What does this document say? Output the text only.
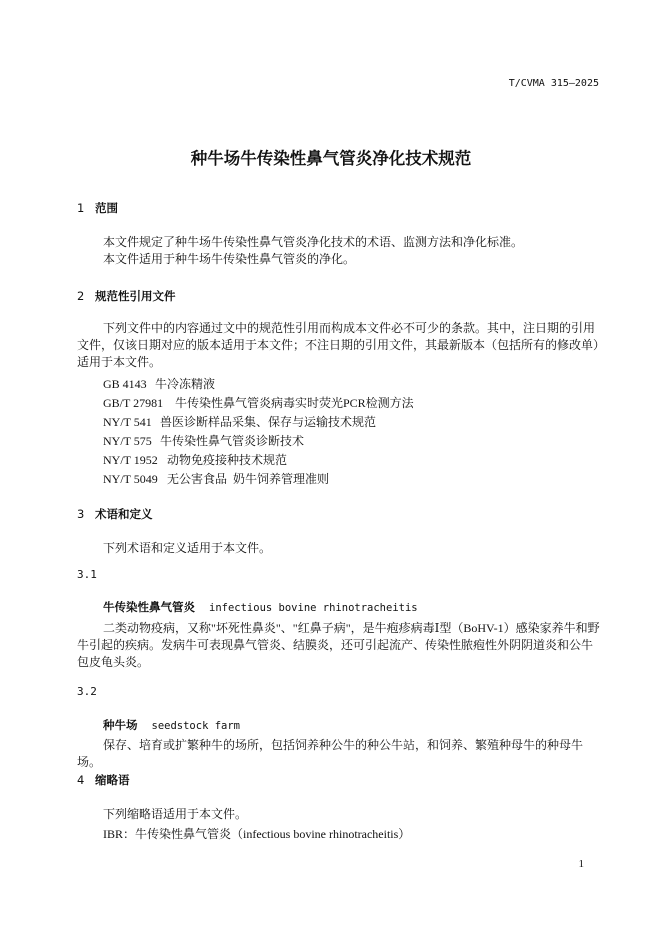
T/CVMA 315—2025
种牛场牛传染性鼻气管炎净化技术规范
1 范围
本文件规定了种牛场牛传染性鼻气管炎净化技术的术语、监测方法和净化标准。
本文件适用于种牛场牛传染性鼻气管炎的净化。
2 规范性引用文件
下列文件中的内容通过文中的规范性引用而构成本文件必不可少的条款。其中，注日期的引用文件，仅该日期对应的版本适用于本文件；不注日期的引用文件，其最新版本（包括所有的修改单）适用于本文件。
GB 4143 牛冷冻精液
GB/T 27981 牛传染性鼻气管炎病毒实时荧光PCR检测方法
NY/T 541 兽医诊断样品采集、保存与运输技术规范
NY/T 575 牛传染性鼻气管炎诊断技术
NY/T 1952 动物免疫接种技术规范
NY/T 5049 无公害食品  奶牛饲养管理准则
3 术语和定义
下列术语和定义适用于本文件。
3.1
牛传染性鼻气管炎 infectious bovine rhinotracheitis
二类动物疫病，又称"坏死性鼻炎"、"红鼻子病"，是牛疱疹病毒Ⅰ型（BoHV-1）感染家养牛和野牛引起的疾病。发病牛可表现鼻气管炎、结膜炎，还可引起流产、传染性脓疱性外阴阴道炎和公牛包皮龟头炎。
3.2
种牛场 seedstock farm
保存、培育或扩繁种牛的场所，包括饲养种公牛的种公牛站，和饲养、繁殖种母牛的种母牛场。
4 缩略语
下列缩略语适用于本文件。
IBR：牛传染性鼻气管炎（infectious bovine rhinotracheitis）
1
